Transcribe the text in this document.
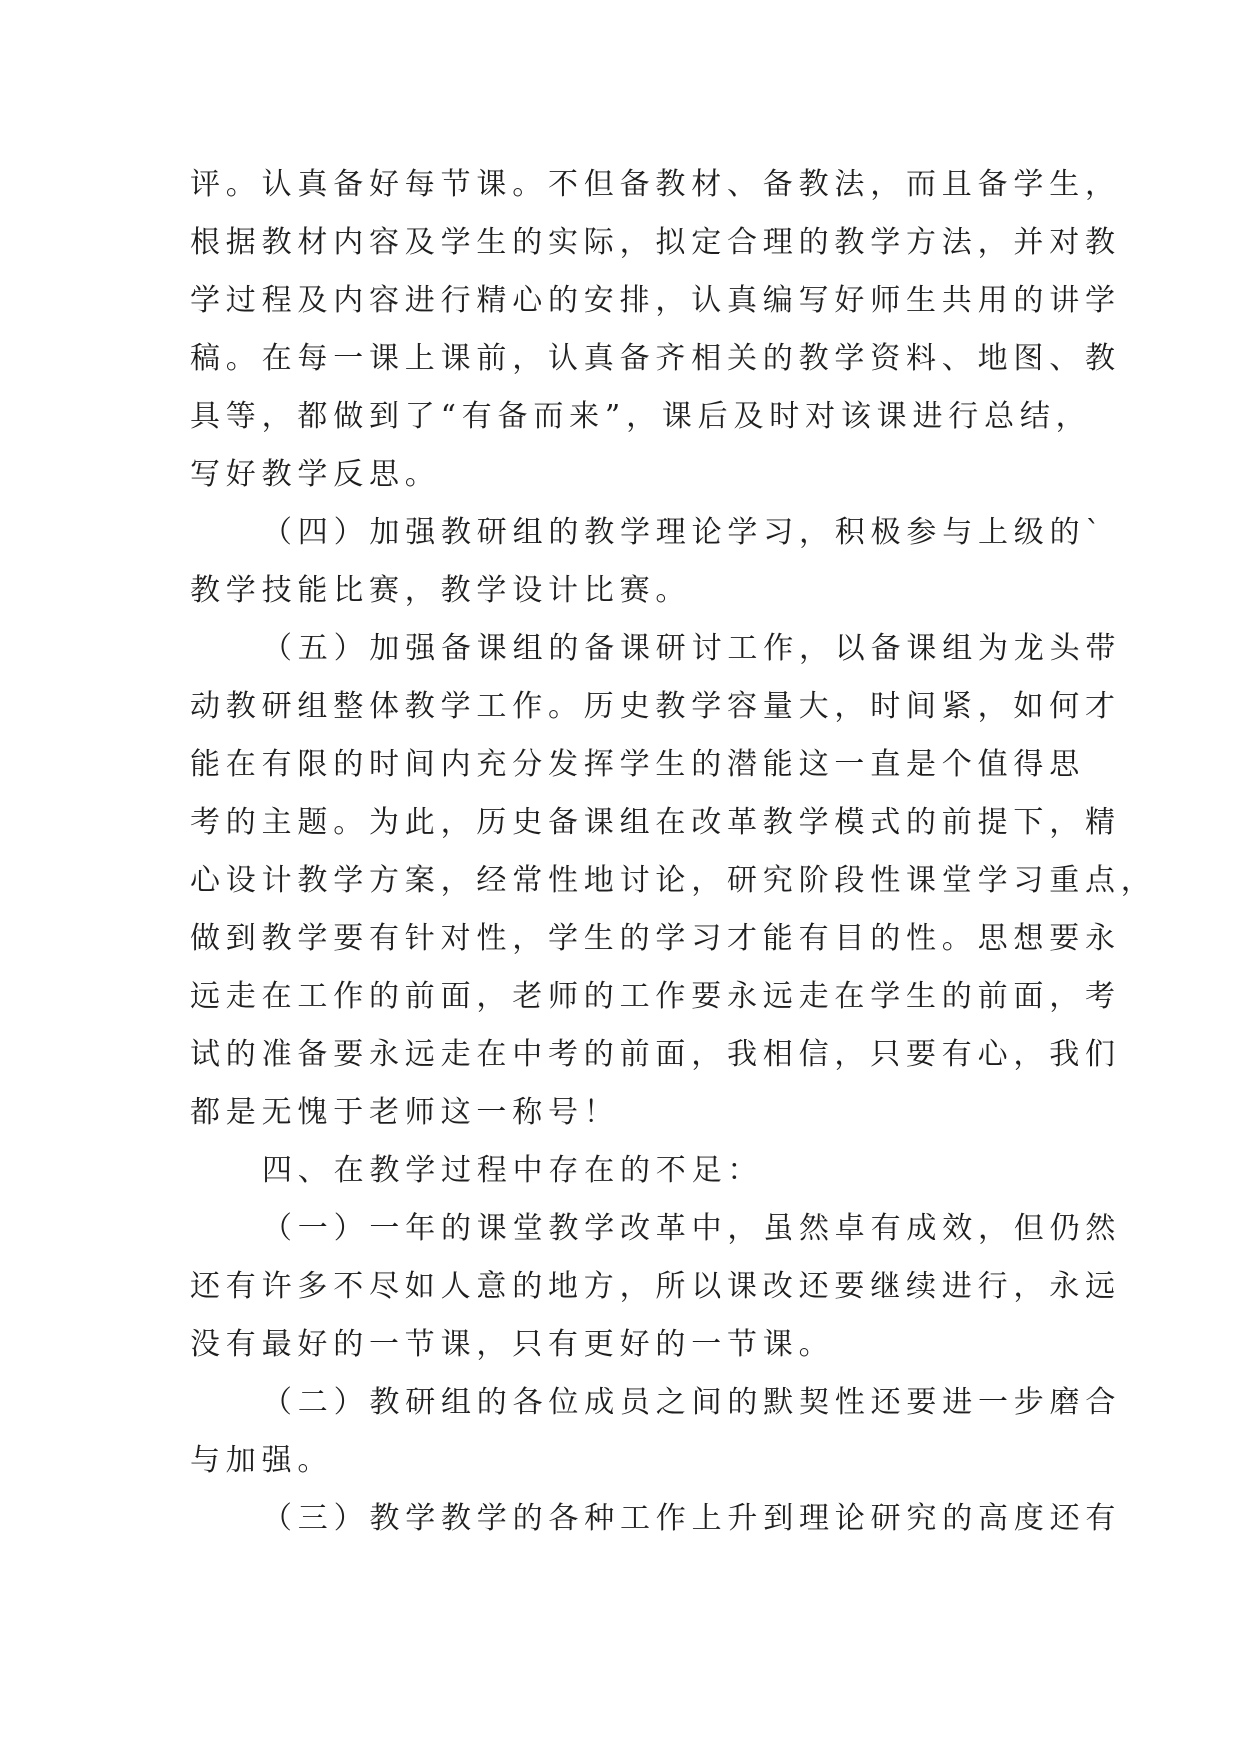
评。认真备好每节课。不但备教材、备教法，而且备学生，
根据教材内容及学生的实际，拟定合理的教学方法，并对教
学过程及内容进行精心的安排，认真编写好师生共用的讲学
稿。在每一课上课前，认真备齐相关的教学资料、地图、教
具等，都做到了“有备而来”，课后及时对该课进行总结，
写好教学反思。
（四）加强教研组的教学理论学习，积极参与上级的`
教学技能比赛，教学设计比赛。
（五）加强备课组的备课研讨工作，以备课组为龙头带
动教研组整体教学工作。历史教学容量大，时间紧，如何才
能在有限的时间内充分发挥学生的潜能这一直是个值得思
考的主题。为此，历史备课组在改革教学模式的前提下，精
心设计教学方案，经常性地讨论，研究阶段性课堂学习重点，
做到教学要有针对性，学生的学习才能有目的性。思想要永
远走在工作的前面，老师的工作要永远走在学生的前面，考
试的准备要永远走在中考的前面，我相信，只要有心，我们
都是无愧于老师这一称号！
四、在教学过程中存在的不足：
（一）一年的课堂教学改革中，虽然卓有成效，但仍然
还有许多不尽如人意的地方，所以课改还要继续进行，永远
没有最好的一节课，只有更好的一节课。
（二）教研组的各位成员之间的默契性还要进一步磨合
与加强。
（三）教学教学的各种工作上升到理论研究的高度还有
